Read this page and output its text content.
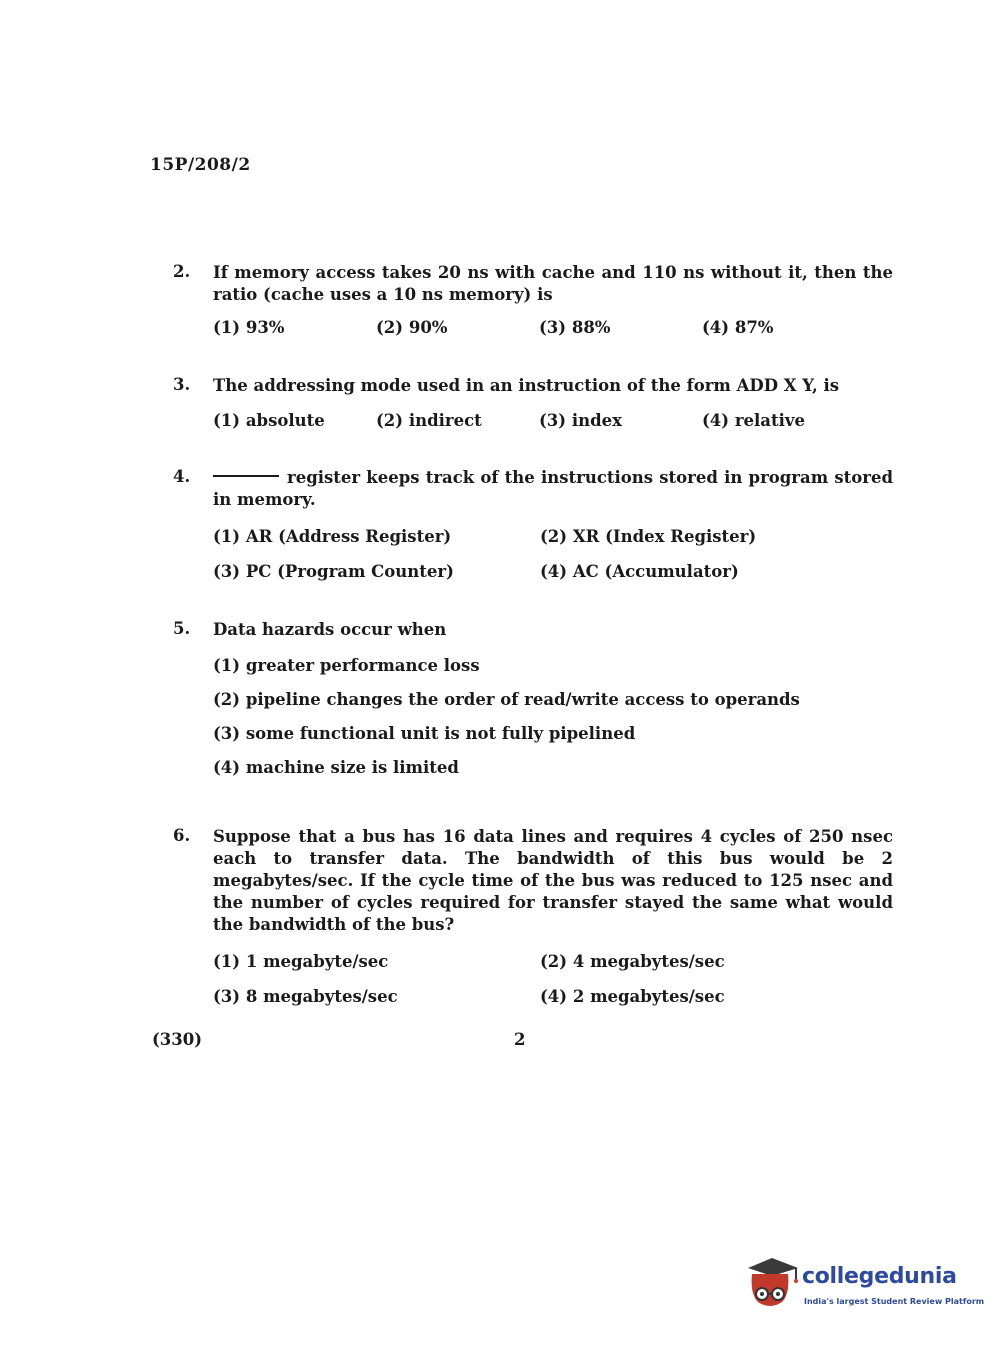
15P/208/2
2.	If memory access takes 20 ns with cache and 110 ns without it, then the ratio (cache uses a 10 ns memory) is
(1) 93%	(2) 90%	(3) 88%	(4) 87%
3.	The addressing mode used in an instruction of the form ADD X Y, is
(1) absolute	(2) indirect	(3) index	(4) relative
4.	register keeps track of the instructions stored in program stored in memory.
(1) AR (Address Register)	(2) XR (Index Register)
(3) PC (Program Counter)	(4) AC (Accumulator)
5.	Data hazards occur when
(1) greater performance loss
(2) pipeline changes the order of read/write access to operands
(3) some functional unit is not fully pipelined
(4) machine size is limited
6.	Suppose that a bus has 16 data lines and requires 4 cycles of 250 nsec each to transfer data. The bandwidth of this bus would be 2 megabytes/sec. If the cycle time of the bus was reduced to 125 nsec and the number of cycles required for transfer stayed the same what would the bandwidth of the bus?
(1) 1 megabyte/sec	(2) 4 megabytes/sec
(3) 8 megabytes/sec	(4) 2 megabytes/sec
(330)	2
collegedunia
India's largest Student Review Platform
